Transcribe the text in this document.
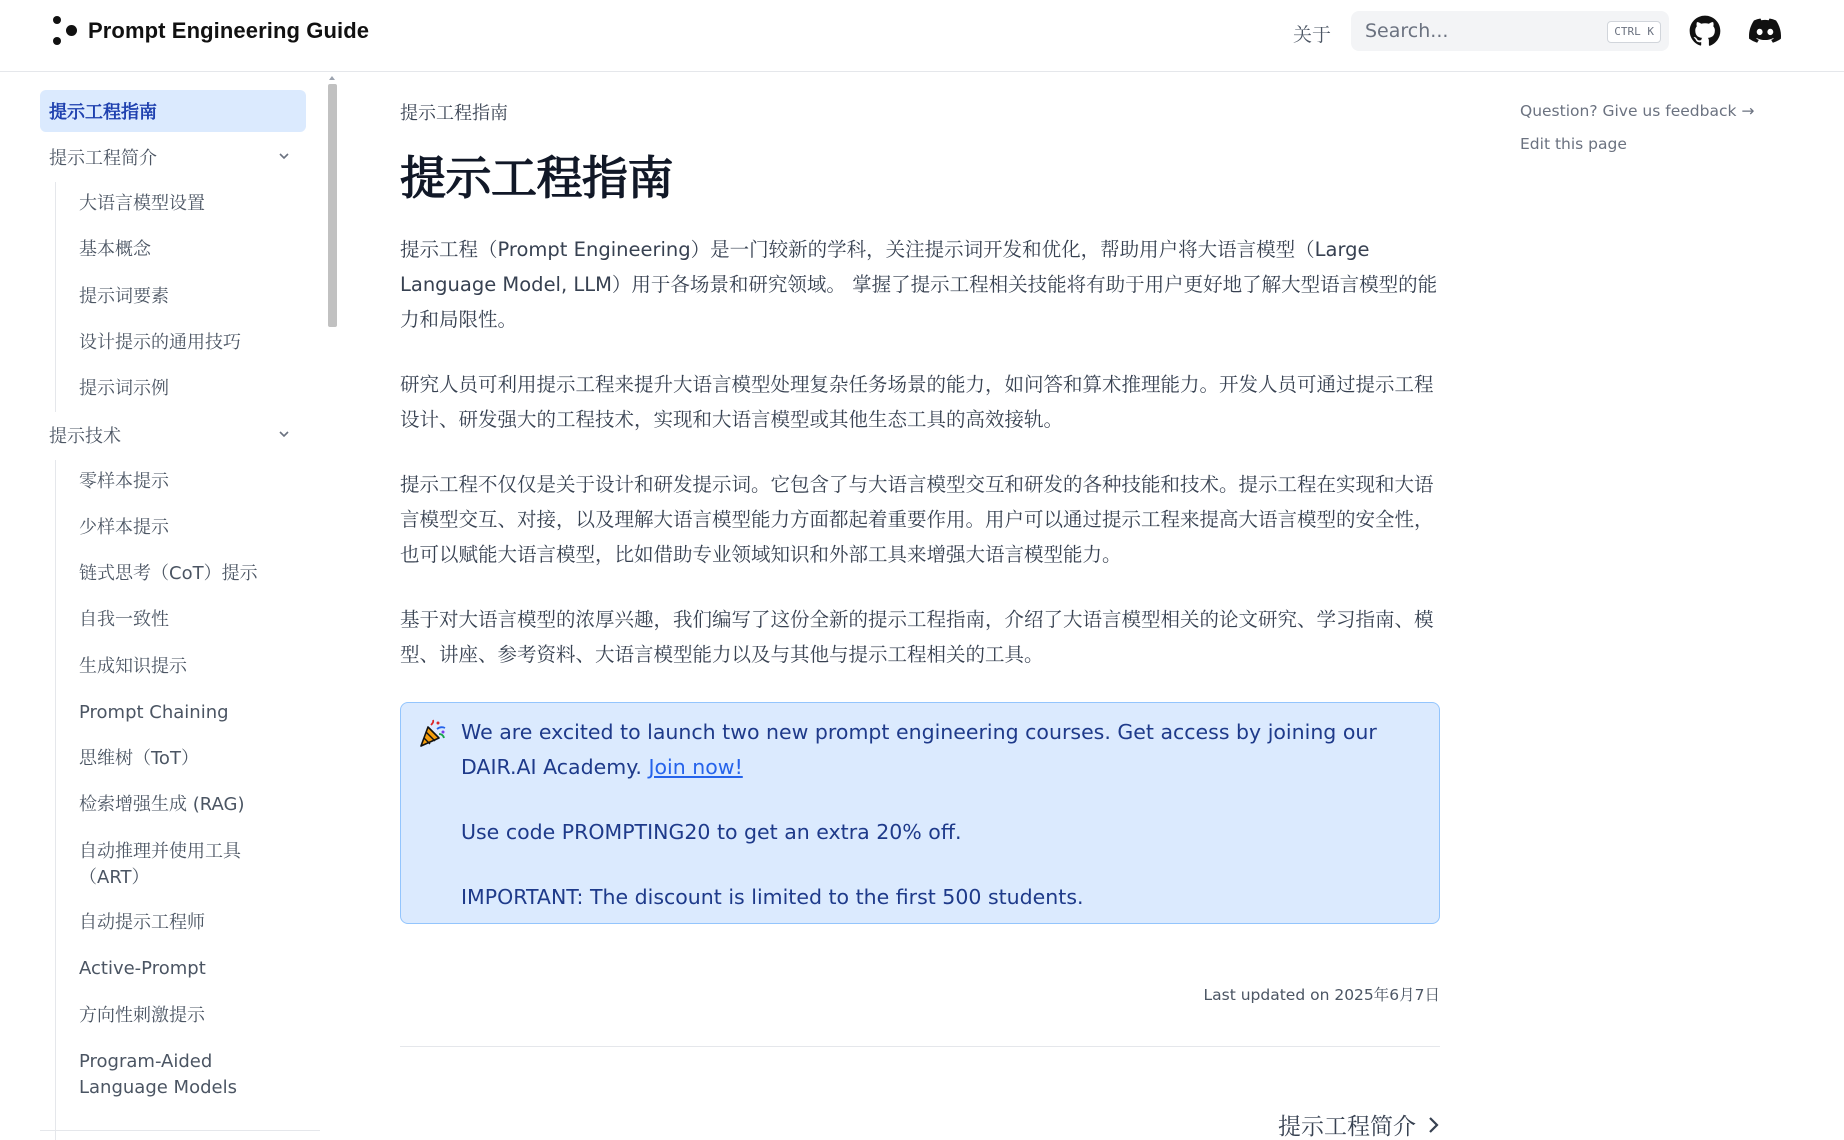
Prompt Engineering Guide	关于
Search...	CTRL K
提示工程指南
提示工程简介
大语言模型设置
基本概念
提示词要素
设计提示的通用技巧
提示词示例
提示技术
零样本提示
少样本提示
链式思考（CoT）提示
自我一致性
生成知识提示
Prompt Chaining
思维树（ToT）
检索增强生成 (RAG)
自动推理并使用工具（ART）
自动提示工程师
Active-Prompt
方向性刺激提示
Program-Aided Language Models
提示工程指南
提示工程指南

提示工程（Prompt Engineering）是一门较新的学科，关注提示词开发和优化，帮助用户将大语言模型（Large Language Model, LLM）用于各场景和研究领域。 掌握了提示工程相关技能将有助于用户更好地了解大型语言模型的能力和局限性。

研究人员可利用提示工程来提升大语言模型处理复杂任务场景的能力，如问答和算术推理能力。开发人员可通过提示工程设计、研发强大的工程技术，实现和大语言模型或其他生态工具的高效接轨。

提示工程不仅仅是关于设计和研发提示词。它包含了与大语言模型交互和研发的各种技能和技术。提示工程在实现和大语言模型交互、对接，以及理解大语言模型能力方面都起着重要作用。用户可以通过提示工程来提高大语言模型的安全性，也可以赋能大语言模型，比如借助专业领域知识和外部工具来增强大语言模型能力。

基于对大语言模型的浓厚兴趣，我们编写了这份全新的提示工程指南，介绍了大语言模型相关的论文研究、学习指南、模型、讲座、参考资料、大语言模型能力以及与其他与提示工程相关的工具。

We are excited to launch two new prompt engineering courses. Get access by joining our DAIR.AI Academy. Join now!

Use code PROMPTING20 to get an extra 20% off.

IMPORTANT: The discount is limited to the first 500 students.

Last updated on 2025年6月7日
提示工程简介
Question? Give us feedback →
Edit this page
